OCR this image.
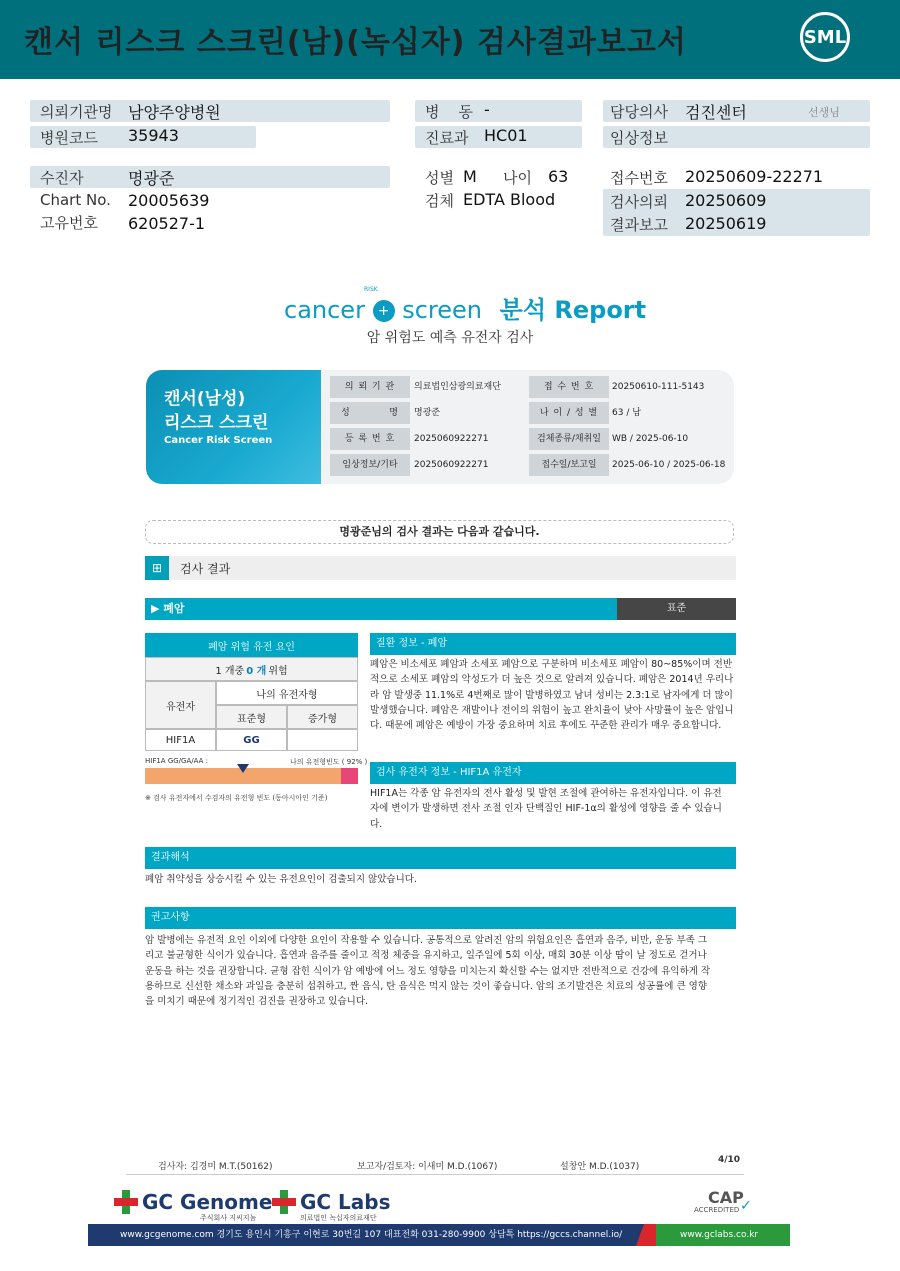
캔서 리스크 스크린(남)(녹십자) 검사결과보고서	SML
의뢰기관명 남양주양병원
병원코드 35943
병    동 -
진료과 HC01
담당의사 검진센터	선생님
임상정보
수진자	명광준
Chart No. 20005639
고유번호 620527-1
성별 M 나이 63
검체 EDTA Blood
접수번호 20250609-22271
검사의뢰 20250609
결과보고 20250619
cancer +
RISK
screen 분석 Report
암 위험도 예측 유전자 검사
캔서(남성)
리스크 스크린
Cancer Risk Screen
의 뢰 기 관	의료법인삼광의료재단	접 수 번 호	20250610-111-5143
성          명	명광준	나 이 / 성 별	63 / 남
등 록 번 호	2025060922271	검체종류/채취일	WB / 2025-06-10
임상정보/기타	2025060922271	접수일/보고일	2025-06-10 / 2025-06-18
명광준님의 검사 결과는 다음과 같습니다.
⊞	검사 결과
▶ 폐암	표준
폐암 위험 유전 요인
1 개중 0 개 위험
유전자
나의 유전자형
표준형	증가형
HIF1A	GG
HIF1A GG/GA/AA :	나의 유전형빈도 ( 92% )
※ 검사 유전자에서 수검자의 유전형 빈도 (동아시아인 기준)
질환 정보 - 폐암
폐암은 비소세포 폐암과 소세포 폐암으로 구분하며 비소세포 폐암이 80~85%이며 전반적으로 소세포 폐암의 악성도가 더 높은 것으로 알려져 있습니다. 폐암은 2014년 우리나라 암 발생중 11.1%로 4번째로 많이 발병하였고 남녀 성비는 2.3:1로 남자에게 더 많이 발생했습니다. 폐암은 재발이나 전이의 위험이 높고 완치율이 낮아 사망률이 높은 암입니다. 때문에 폐암은 예방이 가장 중요하며 치료 후에도 꾸준한 관리가 매우 중요합니다.
검사 유전자 정보 - HIF1A 유전자
HIF1A는 각종 암 유전자의 전사 활성 및 발현 조절에 관여하는 유전자입니다. 이 유전자에 변이가 발생하면 전사 조절 인자 단백질인 HIF-1α의 활성에 영향을 줄 수 있습니다.
결과해석
폐암 취약성을 상승시킬 수 있는 유전요인이 검출되지 않았습니다.
권고사항
암 발병에는 유전적 요인 이외에 다양한 요인이 작용할 수 있습니다. 공통적으로 알려진 암의 위험요인은 흡연과 음주, 비만, 운동 부족 그리고 불균형한 식이가 있습니다. 흡연과 음주를 줄이고 적정 체중을 유지하고, 일주일에 5회 이상, 매회 30분 이상 땀이 날 정도로 걷거나 운동을 하는 것을 권장합니다. 균형 잡힌 식이가 암 예방에 어느 정도 영향을 미치는지 확신할 수는 없지만 전반적으로 건강에 유익하게 작용하므로 신선한 채소와 과일을 충분히 섭취하고, 짠 음식, 탄 음식은 먹지 않는 것이 좋습니다. 암의 조기발견은 치료의 성공률에 큰 영향을 미치기 때문에 정기적인 검진을 권장하고 있습니다.
검사자: 김경미 M.T.(50162)	보고자/검토자: 이새미 M.D.(1067)	설창안 M.D.(1037)
4/10
GC Genome
주식회사 지씨지놈
GC Labs
의료법인 녹십자의료재단
CAP
ACCREDITED ✓
www.gcgenome.com 경기도 용인시 기흥구 이현로 30번길 107 대표전화 031-280-9900 상담톡 https://gccs.channel.io/	www.gclabs.co.kr
